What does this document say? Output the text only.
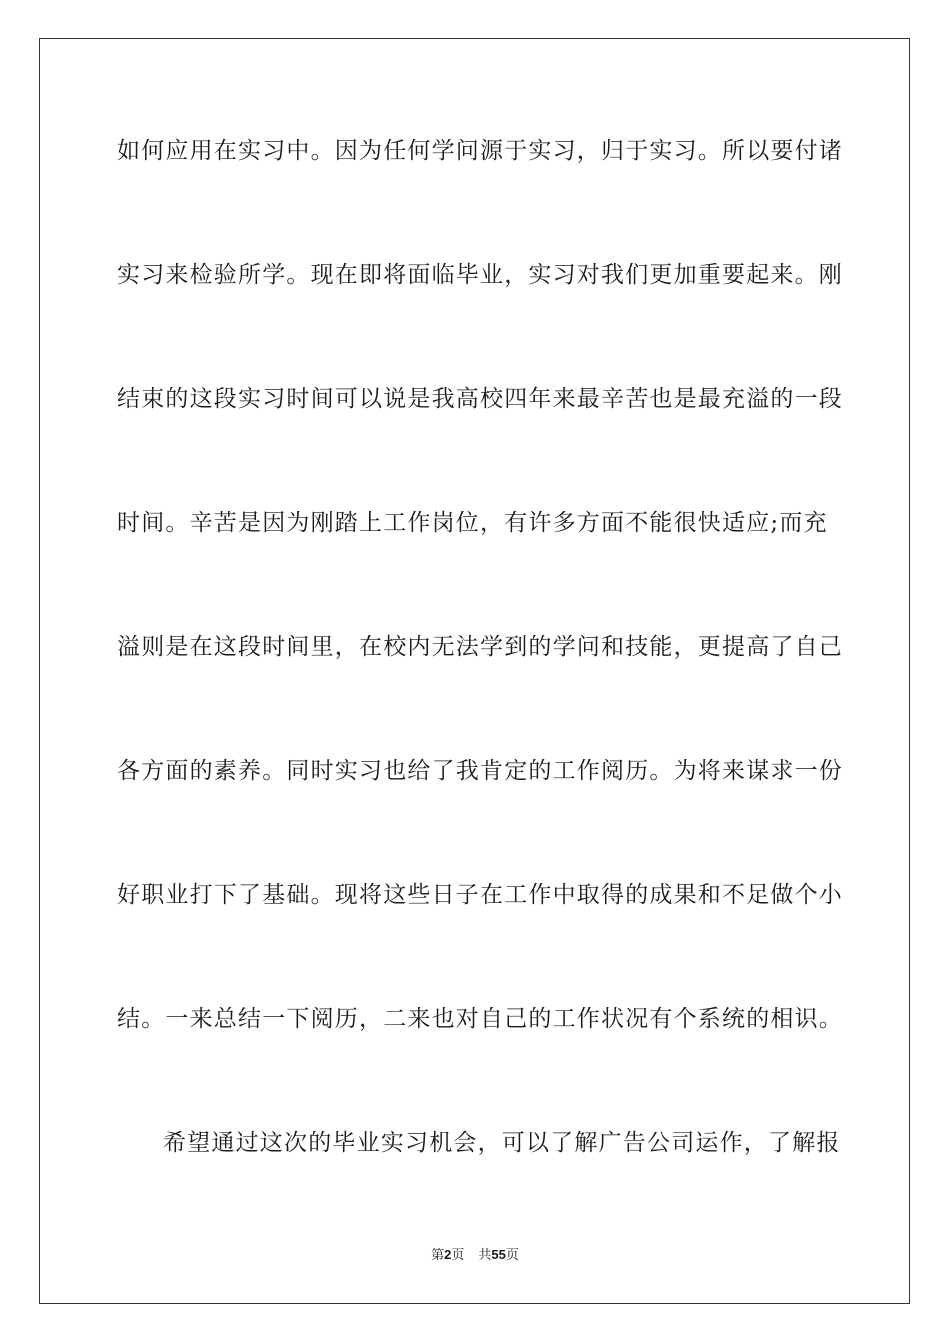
如何应用在实习中。因为任何学问源于实习，归于实习。所以要付诸
实习来检验所学。现在即将面临毕业，实习对我们更加重要起来。刚
结束的这段实习时间可以说是我高校四年来最辛苦也是最充溢的一段
时间。辛苦是因为刚踏上工作岗位，有许多方面不能很快适应;而充
溢则是在这段时间里，在校内无法学到的学问和技能，更提高了自己
各方面的素养。同时实习也给了我肯定的工作阅历。为将来谋求一份
好职业打下了基础。现将这些日子在工作中取得的成果和不足做个小
结。一来总结一下阅历，二来也对自己的工作状况有个系统的相识。
希望通过这次的毕业实习机会，可以了解广告公司运作，了解报
第2页 共55页
